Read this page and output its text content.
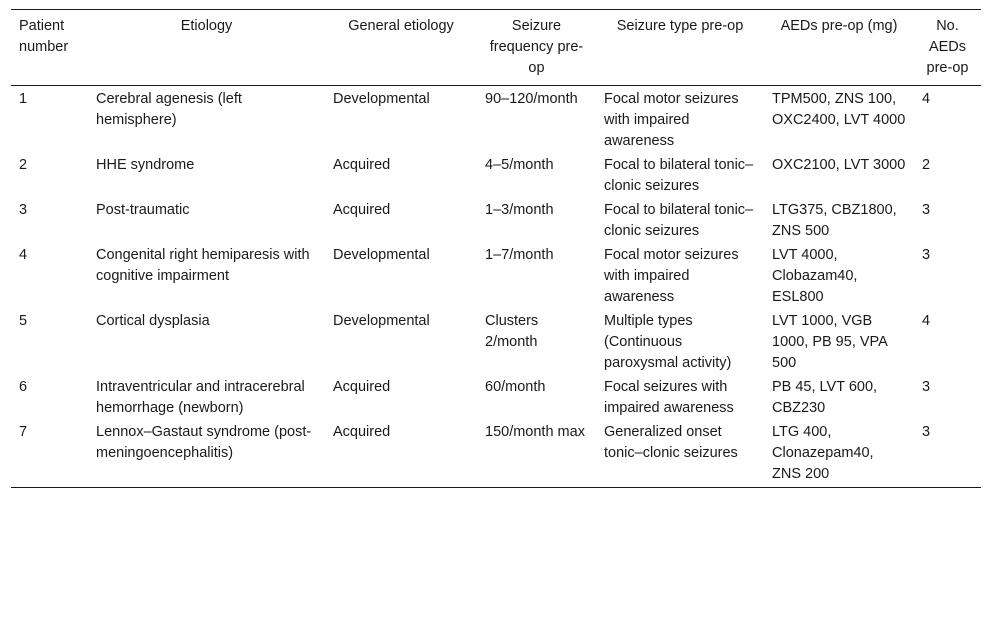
Patient number	Etiology	General etiology	Seizure frequency pre-op	Seizure type pre-op	AEDs pre-op (mg)	No. AEDs pre-op
1	Cerebral agenesis (left hemisphere)	Developmental	90–120/month	Focal motor seizures with impaired awareness	TPM500, ZNS 100, OXC2400, LVT 4000	4
2	HHE syndrome	Acquired	4–5/month	Focal to bilateral tonic–clonic seizures	OXC2100, LVT 3000	2
3	Post-traumatic	Acquired	1–3/month	Focal to bilateral tonic–clonic seizures	LTG375, CBZ1800, ZNS 500	3
4	Congenital right hemiparesis with cognitive impairment	Developmental	1–7/month	Focal motor seizures with impaired awareness	LVT 4000, Clobazam40, ESL800	3
5	Cortical dysplasia	Developmental	Clusters 2/month	Multiple types (Continuous paroxysmal activity)	LVT 1000, VGB 1000, PB 95, VPA 500	4
6	Intraventricular and intracerebral hemorrhage (newborn)	Acquired	60/month	Focal seizures with impaired awareness	PB 45, LVT 600, CBZ230	3
7	Lennox–Gastaut syndrome (post-meningoencephalitis)	Acquired	150/month max	Generalized onset tonic–clonic seizures	LTG 400, Clonazepam40, ZNS 200	3
